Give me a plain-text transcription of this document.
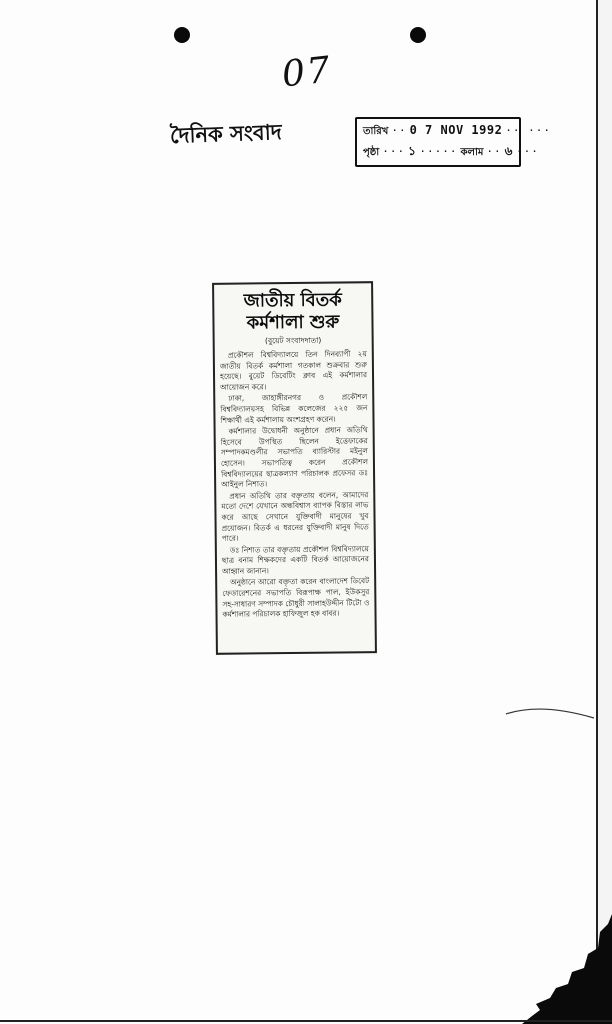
07
দৈনিক সংবাদ	তারিখ ·· 0 7 NOV 1992 ·· ···
পৃষ্ঠা ··· ১ ····· কলাম ·· ৬ ···
জাতীয় বিতর্ক
কর্মশালা শুরু
(বুয়েট সংবাদদাতা)

প্রকৌশল বিশ্ববিদ্যালয়ে তিন দিনব্যাপী ২য় জাতীয় বিতর্ক কর্মশালা গতকাল শুক্রবার শুরু হয়েছে। বুয়েট ডিবেটিং ক্লাব এই কর্মশালার আয়োজন করে।

ঢাকা, জাহাঙ্গীরনগর ও প্রকৌশল বিশ্ববিদ্যালয়সহ বিভিন্ন কলেজের ২২৫ জন শিক্ষার্থী এই কর্মশালায় অংশগ্রহণ করেন।

কর্মশালার উদ্বোধনী অনুষ্ঠানে প্রধান অতিথি হিসেবে উপস্থিত ছিলেন ইত্তেফাকের সম্পাদকমণ্ডলীর সভাপতি ব্যারিস্টার মইনুল হোসেন। সভাপতিত্ব করেন প্রকৌশল বিশ্ববিদ্যালয়ের ছাত্রকল্যাণ পরিচালক প্রফেসর ডঃ আইনুল নিশাত।

প্রধান অতিথি তার বক্তৃতায় বলেন, আমাদের মতো দেশে যেখানে অন্ধবিশ্বাস ব্যাপক বিস্তার লাভ করে আছে সেখানে যুক্তিবাদী মানুষের খুব প্রয়োজন। বিতর্ক এ ধরনের যুক্তিবাদী মানুষ দিতে পারে।

ডঃ নিশাত তার বক্তৃতায় প্রকৌশল বিশ্ববিদ্যালয়ে ছাত্র বনাম শিক্ষকদের একটি বিতর্ক আয়োজনের আহ্বান জানান।

অনুষ্ঠানে আরো বক্তৃতা করেন বাংলাদেশ ডিবেট ফেডারেশনের সভাপতি বিরূপাক্ষ পাল, ইউকসুর সহ-সাধারণ সম্পাদক চৌধুরী সালাহউদ্দীন টিটো ও কর্মশালার পরিচালক হাফিজুল হক বাবর।
